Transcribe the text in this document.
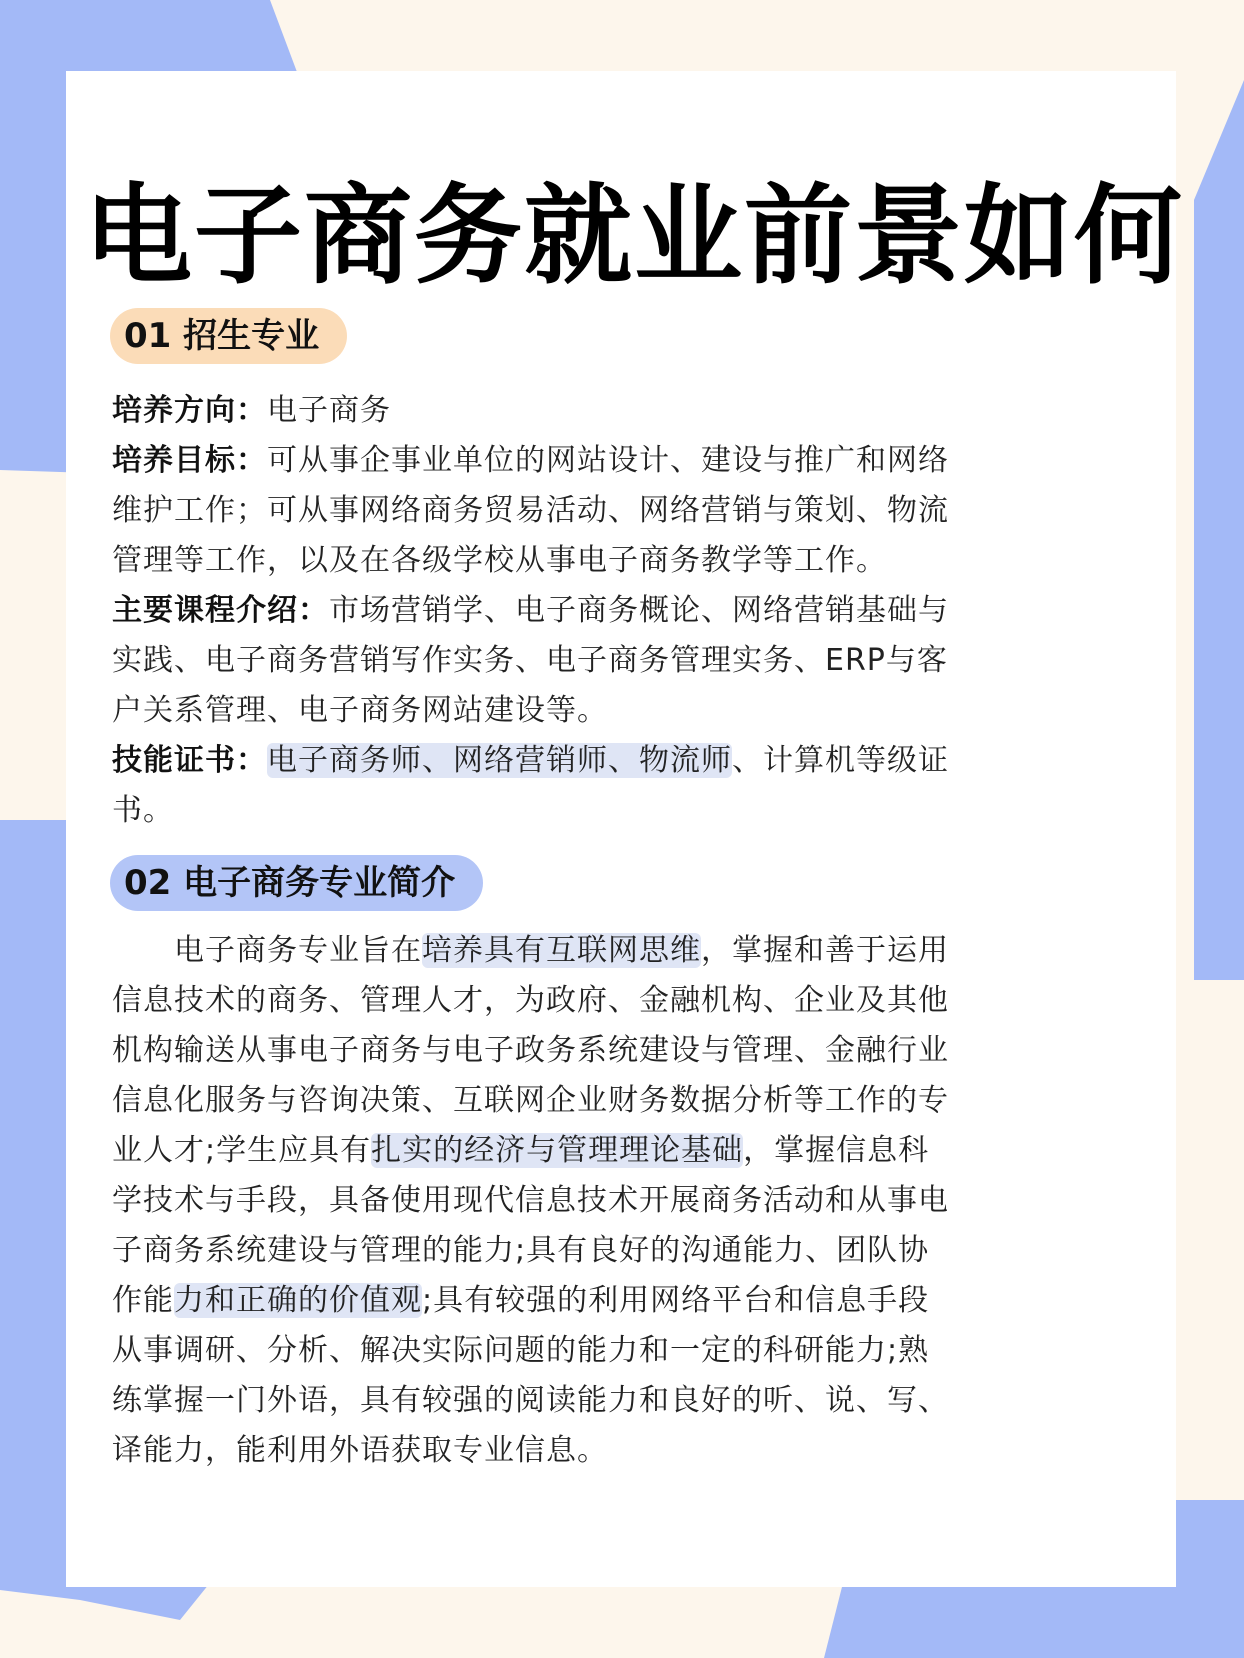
电子商务就业前景如何
01 招生专业
培养方向：电子商务
培养目标：可从事企事业单位的网站设计、建设与推广和网络
维护工作；可从事网络商务贸易活动、网络营销与策划、物流
管理等工作，以及在各级学校从事电子商务教学等工作。
主要课程介绍：市场营销学、电子商务概论、网络营销基础与
实践、电子商务营销写作实务、电子商务管理实务、ERP与客
户关系管理、电子商务网站建设等。
技能证书：电子商务师、网络营销师、物流师、计算机等级证
书。
02 电子商务专业简介
　　电子商务专业旨在培养具有互联网思维，掌握和善于运用
信息技术的商务、管理人才，为政府、金融机构、企业及其他
机构输送从事电子商务与电子政务系统建设与管理、金融行业
信息化服务与咨询决策、互联网企业财务数据分析等工作的专
业人才;学生应具有扎实的经济与管理理论基础，掌握信息科
学技术与手段，具备使用现代信息技术开展商务活动和从事电
子商务系统建设与管理的能力;具有良好的沟通能力、团队协
作能力和正确的价值观;具有较强的利用网络平台和信息手段
从事调研、分析、解决实际问题的能力和一定的科研能力;熟
练掌握一门外语，具有较强的阅读能力和良好的听、说、写、
译能力，能利用外语获取专业信息。
